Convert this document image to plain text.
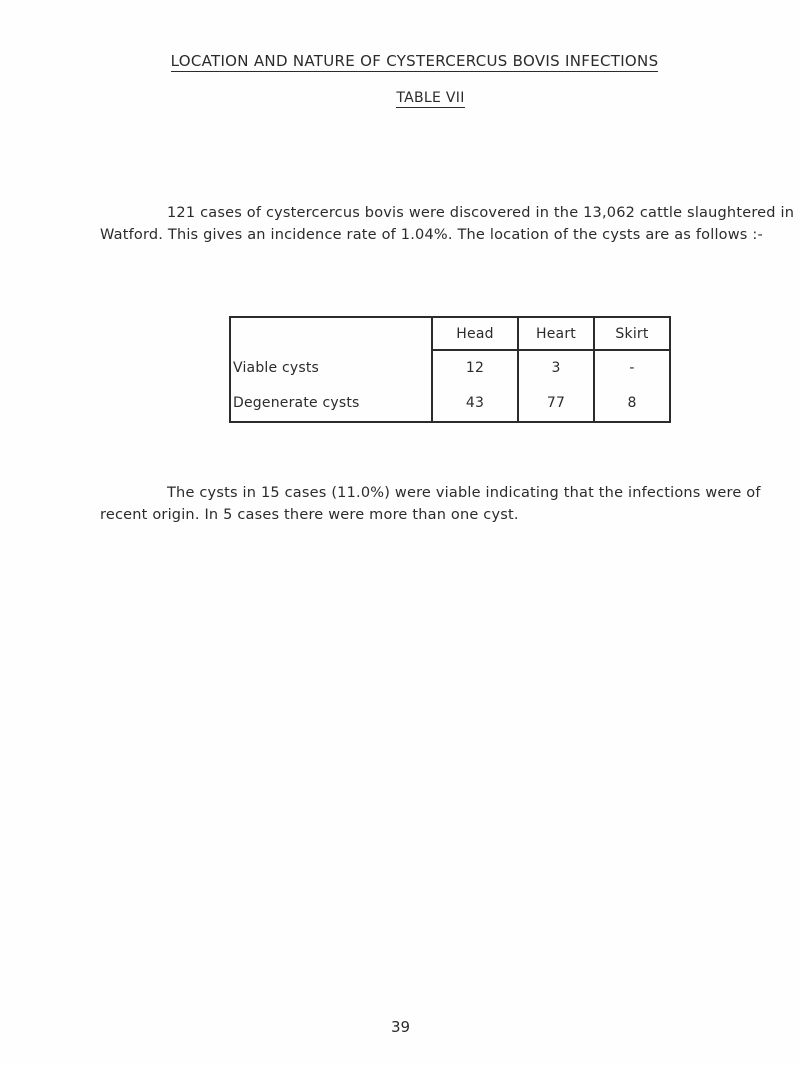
LOCATION AND NATURE OF CYSTERCERCUS BOVIS INFECTIONS
TABLE VII
121 cases of cystercercus bovis were discovered in the 13,062 cattle slaughtered in Watford. This gives an incidence rate of 1.04%. The location of the cysts are as follows :-
	Head	Heart	Skirt
Viable cysts	12	3	-
Degenerate cysts	43	77	8
The cysts in 15 cases (11.0%) were viable indicating that the infections were of recent origin. In 5 cases there were more than one cyst.
39
